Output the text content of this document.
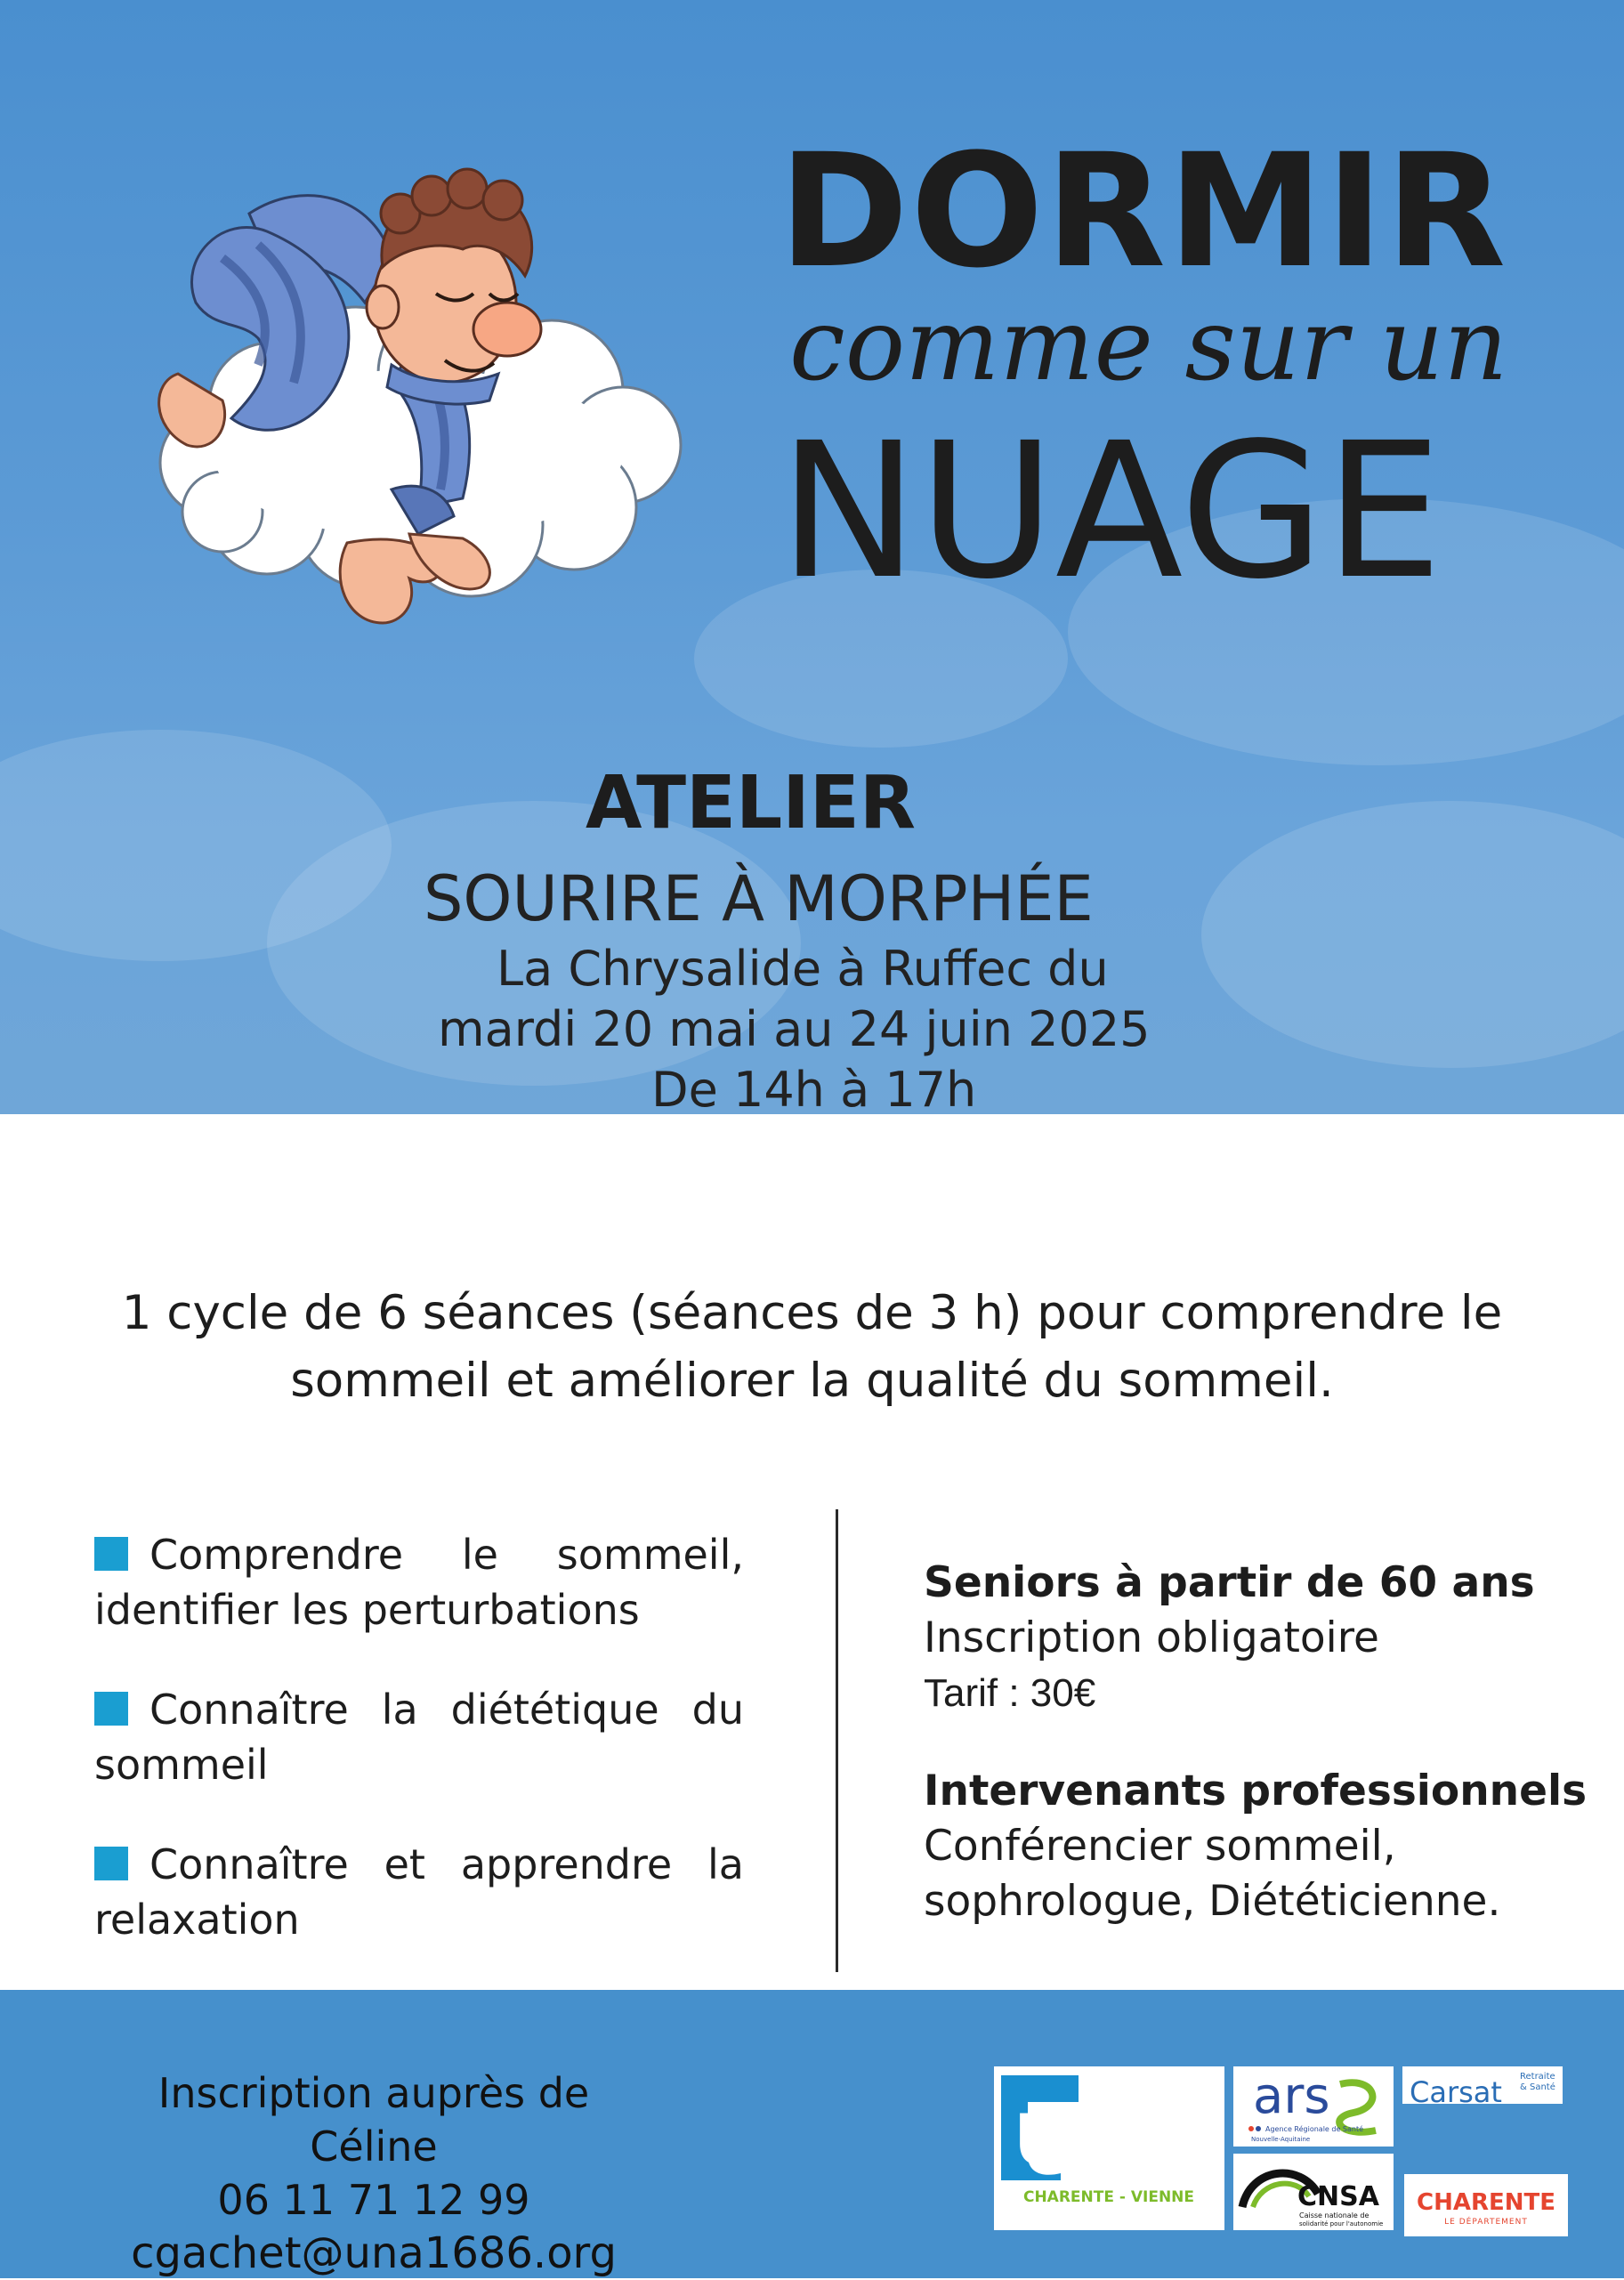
DORMIR
comme sur un
NUAGE
ATELIER
SOURIRE À MORPHÉE
La Chrysalide à Ruffec du
mardi 20 mai au 24 juin 2025
De 14h à 17h
1 cycle de 6 séances (séances de 3 h) pour comprendre le
sommeil et améliorer la qualité du sommeil.
Comprendre le sommeil, identifier les perturbations
Connaître la diététique du sommeil
Connaître et apprendre la relaxation
Seniors à partir de 60 ans
Inscription obligatoire
Tarif : 30€
Intervenants professionnels
Conférencier sommeil,
sophrologue, Diététicienne.
Inscription auprès de Céline
06 11 71 12 99
cgachet@una1686.org
UNA
CHARENTE - VIENNE
ars
Agence Régionale de Santé
Nouvelle-Aquitaine
Carsat Retraite
& Santé
CNSA
Caisse nationale de
solidarité pour l'autonomie
CHARENTE
LE DÉPARTEMENT
